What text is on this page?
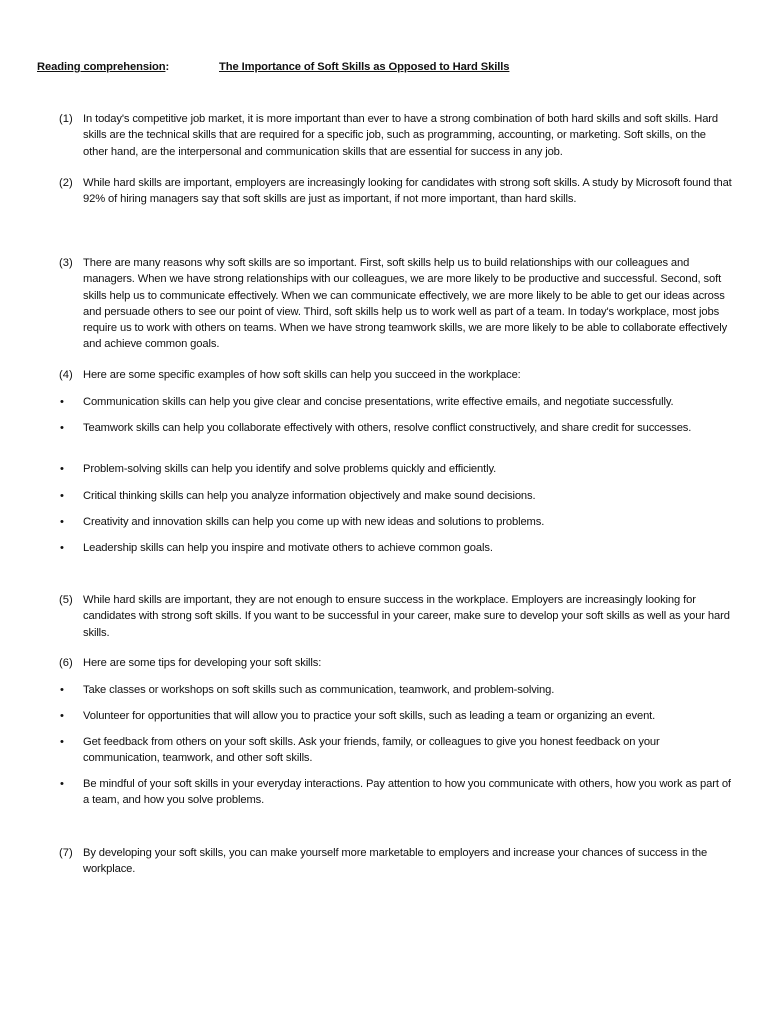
Reading comprehension:	The Importance of Soft Skills as Opposed to Hard Skills
(1) In today's competitive job market, it is more important than ever to have a strong combination of both hard skills and soft skills. Hard skills are the technical skills that are required for a specific job, such as programming, accounting, or marketing. Soft skills, on the other hand, are the interpersonal and communication skills that are essential for success in any job.
(2) While hard skills are important, employers are increasingly looking for candidates with strong soft skills. A study by Microsoft found that 92% of hiring managers say that soft skills are just as important, if not more important, than hard skills.
(3) There are many reasons why soft skills are so important. First, soft skills help us to build relationships with our colleagues and managers. When we have strong relationships with our colleagues, we are more likely to be productive and successful. Second, soft skills help us to communicate effectively. When we can communicate effectively, we are more likely to be able to get our ideas across and persuade others to see our point of view. Third, soft skills help us to work well as part of a team. In today's workplace, most jobs require us to work with others on teams. When we have strong teamwork skills, we are more likely to be able to collaborate effectively and achieve common goals.
(4) Here are some specific examples of how soft skills can help you succeed in the workplace:
• Communication skills can help you give clear and concise presentations, write effective emails, and negotiate successfully.
• Teamwork skills can help you collaborate effectively with others, resolve conflict constructively, and share credit for successes.
• Problem-solving skills can help you identify and solve problems quickly and efficiently.
• Critical thinking skills can help you analyze information objectively and make sound decisions.
• Creativity and innovation skills can help you come up with new ideas and solutions to problems.
• Leadership skills can help you inspire and motivate others to achieve common goals.
(5) While hard skills are important, they are not enough to ensure success in the workplace. Employers are increasingly looking for candidates with strong soft skills. If you want to be successful in your career, make sure to develop your soft skills as well as your hard skills.
(6) Here are some tips for developing your soft skills:
• Take classes or workshops on soft skills such as communication, teamwork, and problem-solving.
• Volunteer for opportunities that will allow you to practice your soft skills, such as leading a team or organizing an event.
• Get feedback from others on your soft skills. Ask your friends, family, or colleagues to give you honest feedback on your communication, teamwork, and other soft skills.
• Be mindful of your soft skills in your everyday interactions. Pay attention to how you communicate with others, how you work as part of a team, and how you solve problems.
(7) By developing your soft skills, you can make yourself more marketable to employers and increase your chances of success in the workplace.
